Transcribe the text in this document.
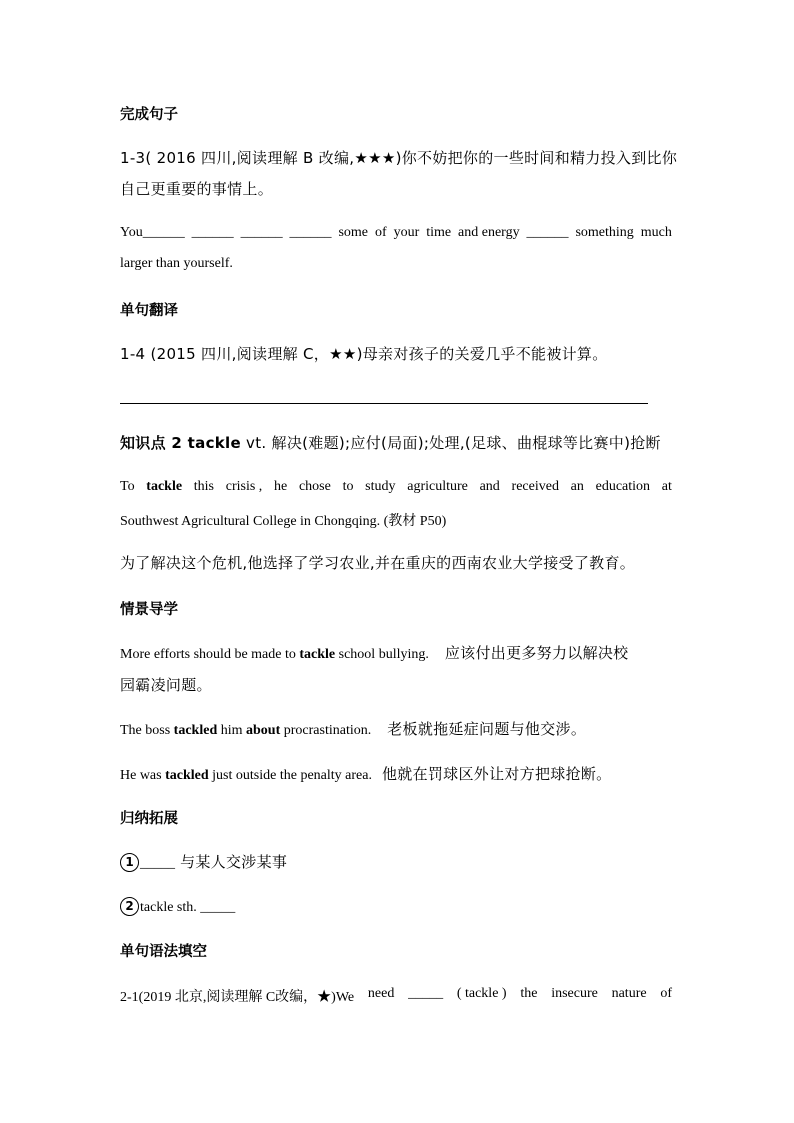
完成句子
1-3( 2016 四川,阅读理解 B 改编,★★★)你不妨把你的一些时间和精力投入到比你
自己更重要的事情上。
You______ ______ ______ ______ some of your time and energy ______ something much
larger than yourself.
单句翻译
1-4 (2015 四川,阅读理解 C，★★)母亲对孩子的关爱几乎不能被计算。
知识点 2 tackle vt. 解决(难题);应付(局面);处理,(足球、曲棍球等比赛中)抢断
To tackle this crisis , he chose to study agriculture and received an education at
Southwest Agricultural College in Chongqing. (教材 P50)
为了解决这个危机,他选择了学习农业,并在重庆的西南农业大学接受了教育。
情景导学
More efforts should be made to tackle school bullying. 应该付出更多努力以解决校
园霸凌问题。
The boss tackled him about procrastination. 老板就拖延症问题与他交涉。
He was tackled just outside the penalty area. 他就在罚球区外让对方把球抢断。
归纳拓展
1 _____ 与某人交涉某事
2 tackle sth. _____
单句语法填空
2-1(2019 北京,阅读理解 C改编，★)We need _____ ( tackle ) the insecure nature of
